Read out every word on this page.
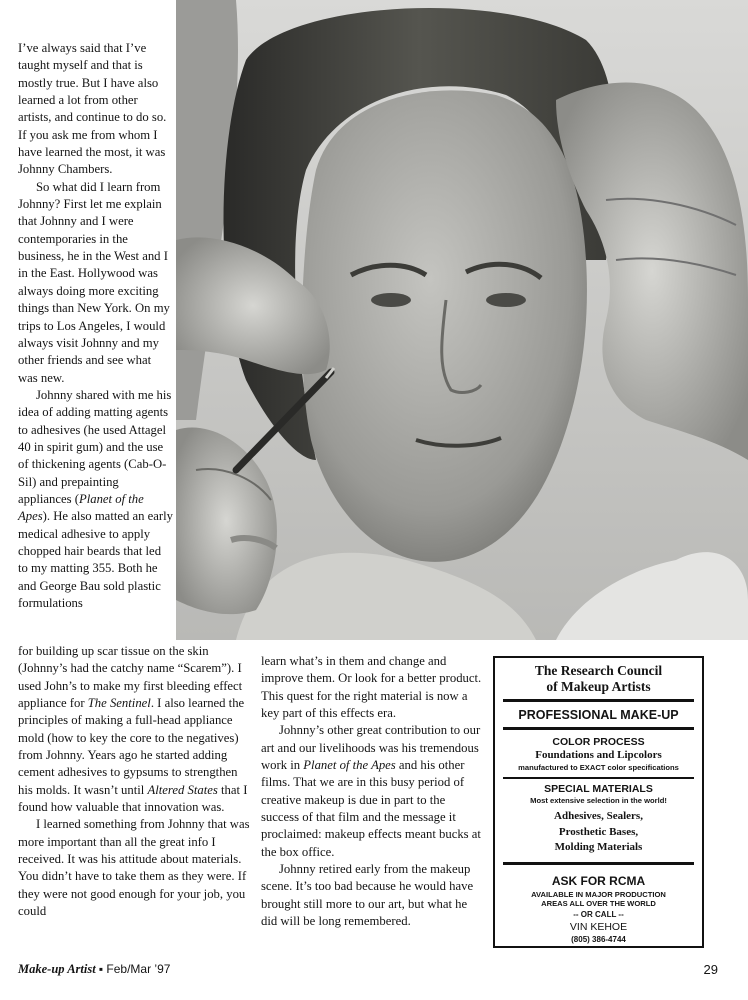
I’ve always said that I’ve taught myself and that is mostly true. But I have also learned a lot from other artists, and continue to do so. If you ask me from whom I have learned the most, it was Johnny Chambers.

So what did I learn from Johnny? First let me explain that Johnny and I were contemporaries in the business, he in the West and I in the East. Hollywood was always doing more exciting things than New York. On my trips to Los Angeles, I would always visit Johnny and my other friends and see what was new.

Johnny shared with me his idea of adding matting agents to adhesives (he used Attagel 40 in spirit gum) and the use of thickening agents (Cab-O-Sil) and prepainting appliances (Planet of the Apes). He also matted an early medical adhesive to apply chopped hair beards that led to my matting 355. Both he and George Bau sold plastic formulations

for building up scar tissue on the skin (Johnny’s had the catchy name “Scarem”). I used John’s to make my first bleeding effect appliance for The Sentinel. I also learned the principles of making a full-head appliance mold (how to key the core to the negatives) from Johnny. Years ago he started adding cement adhesives to gypsums to strengthen his molds. It wasn’t until Altered States that I found how valuable that innovation was.

I learned something from Johnny that was more important than all the great info I received. It was his attitude about materials. You didn’t have to take them as they were. If they were not good enough for your job, you could

learn what’s in them and change and improve them. Or look for a better product. This quest for the right material is now a key part of this effects era.

Johnny’s other great contribution to our art and our livelihoods was his tremendous work in Planet of the Apes and his other films. That we are in this busy period of creative makeup is due in part to the success of that film and the message it proclaimed: makeup effects meant bucks at the box office.

Johnny retired early from the makeup scene. It’s too bad because he would have brought still more to our art, but what he did will be long remembered.

The Research Council
of Makeup Artists
PROFESSIONAL MAKE-UP
COLOR PROCESS
Foundations and Lipcolors
manufactured to EXACT color specifications
SPECIAL MATERIALS
Most extensive selection in the world!
Adhesives, Sealers,
Prosthetic Bases,
Molding Materials
ASK FOR RCMA
AVAILABLE IN MAJOR PRODUCTION
AREAS ALL OVER THE WORLD
-- OR CALL --
VIN KEHOE
(805) 386-4744
Make-up Artist ▪ Feb/Mar ’97	29
